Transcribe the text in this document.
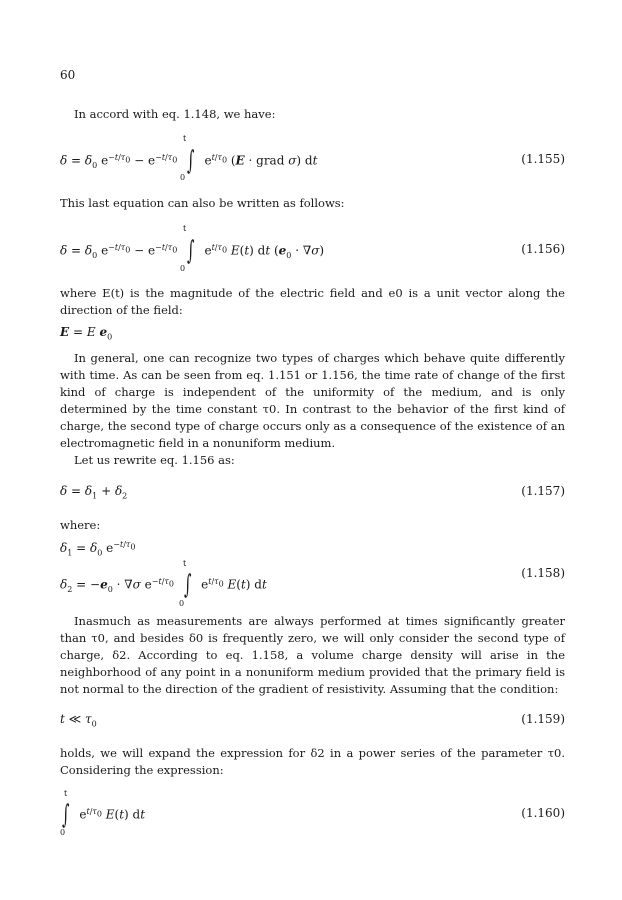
60
In accord with eq. 1.148, we have:
t
$\delta = \delta_0$ $e^{-t/\tau_0} - e^{-t/\tau_0}$ ∫ $e^{t/\tau_0}$ (E · grad σ) dt
0
(1.155)
This last equation can also be written as follows:
t
$\delta = \delta_0$ $e^{-t/\tau_0} - e^{-t/\tau_0}$ ∫ $e^{t/\tau_0}$ E(t) dt $(e_0 \cdot \nabla\sigma)$
0
(1.156)
where E(t) is the magnitude of the electric field and e0 is a unit vector along the direction of the field:
E = E $e_0$
In general, one can recognize two types of charges which behave quite differently with time. As can be seen from eq. 1.151 or 1.156, the time rate of change of the first kind of charge is independent of the uniformity of the medium, and is only determined by the time constant τ0. In contrast to the behavior of the first kind of charge, the second type of charge occurs only as a consequence of the existence of an electromagnetic field in a nonuniform medium.
Let us rewrite eq. 1.156 as:
$\delta = \delta_1 + \delta_2$	(1.157)
where:
$\delta_1 = \delta_0$ $e^{-t/\tau_0}$
t
$\delta_2 = -e_0 \cdot \nabla\sigma$ $e^{-t/\tau_0}$ ∫ $e^{t/\tau_0}$ E(t) dt
0
(1.158)
Inasmuch as measurements are always performed at times significantly greater than τ0, and besides δ0 is frequently zero, we will only consider the second type of charge, δ2. According to eq. 1.158, a volume charge density will arise in the neighborhood of any point in a nonuniform medium provided that the primary field is not normal to the direction of the gradient of resistivity. Assuming that the condition:
t ≪ $\tau_0$	(1.159)
holds, we will expand the expression for δ2 in a power series of the parameter τ0. Considering the expression:
t
∫ $e^{t/\tau_0}$ E(t) dt
0
(1.160)
